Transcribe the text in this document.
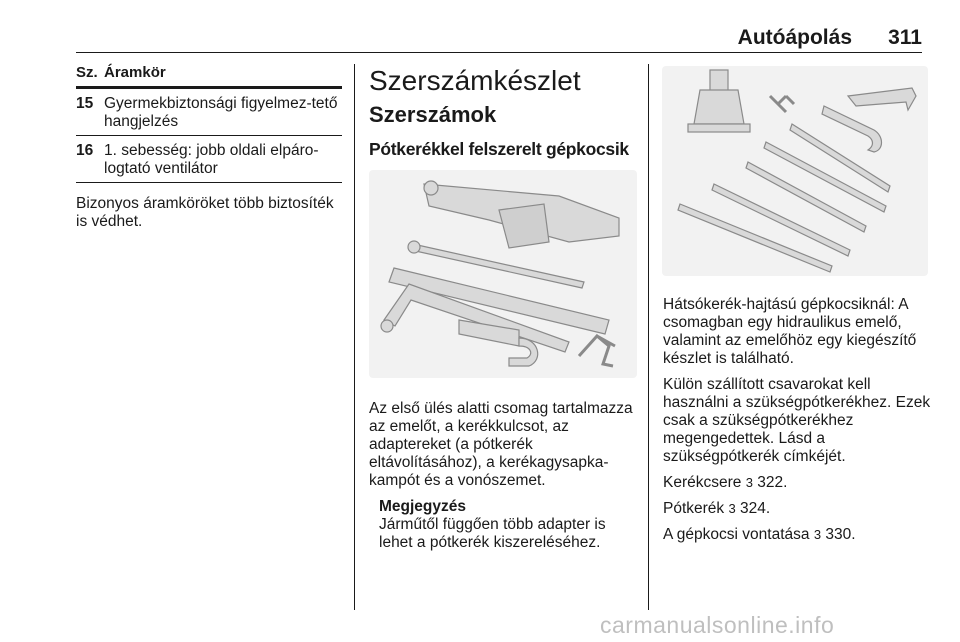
Autóápolás 311
Sz. Áramkör
15 Gyermekbiztonsági figyelmez-tető hangjelzés
16 1. sebesség: jobb oldali elpáro-logtató ventilátor

Bizonyos áramköröket több biztosíték is védhet.

Szerszámkészlet
Szerszámok
Pótkerékkel felszerelt gépkocsik

Az első ülés alatti csomag tartalmazza az emelőt, a kerékkulcsot, az adaptereket (a pótkerék eltávolításához), a kerékagysapka-kampót és a vonószemet.

Megjegyzés
Járműtől függően több adapter is lehet a pótkerék kiszereléséhez.

Hátsókerék-hajtású gépkocsiknál: A csomagban egy hidraulikus emelő, valamint az emelőhöz egy kiegészítő készlet is található.

Külön szállított csavarokat kell használni a szükségpótkerékhez. Ezek csak a szükségpótkerékhez megengedettek. Lásd a szükségpótkerék címkéjét.

Kerékcsere 3 322.

Pótkerék 3 324.

A gépkocsi vontatása 3 330.

carmanualsonline.info
